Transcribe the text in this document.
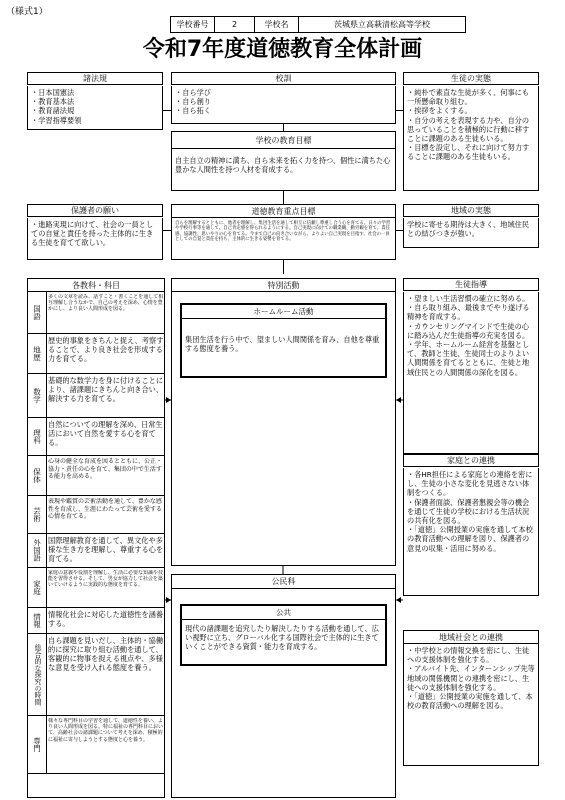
（様式1）
学校番号	2	学校名	茨城県立高萩清松高等学校
令和7年度道徳教育全体計画
諸法規
・日本国憲法
・教育基本法
・教育諸法規
・学習指導要領
校訓
・自ら学び
・自ら創り
・自ら拓く
生徒の実態
・純朴で素直な生徒が多く、何事にも一所懸命取り組む。
・挨拶をよくする。
・自分の考えを表現する力や、自分の思っていることを積極的に行動に移すことに課題のある生徒もいる。
・目標を設定し、それに向けて努力することに課題のある生徒もいる。
学校の教育目標
自主自立の精神に満ち、自ら未来を拓く力を持つ、個性に満ちた心豊かな人間性を持つ人材を育成する。
保護者の願い
・進路実現に向けて、社会の一員としての自覚と責任を持った主体的に生きる生徒を育てて欲しい。
道徳教育重点目標
自らを理解するとともに、他者を理解し、集団生活を通して相互に信頼し尊重し合う心を育てる。日々の学習や学校行事等を通して、自己肯定感を得られるようにする。自己実現に向けての職業観、勤労観を育て、責任感、協調性、思いやりの心を育てる。今まで自己の向き合いながら、よりよい自己実現を目指す。社会の一員としての自覚と責任を持ち、主体的に生きる姿勢を育てる。
地域の実態
学校に寄せる期待は大きく、地域住民との結びつきが強い。
各教科・科目
国語
多くの文章を読み、話すこと・書くことを通して相互理解し合うなかで、自己の考えを深め、心情を豊かにし、より良い人間形成を図る。
地歴
歴史的事象をきちんと捉え、考察することで、より良き社会を形成する力を育てる。
数学
基礎的な数学力を身に付けることにより、諸課題にきちんと向き合い、解決する力を育てる。
理科
自然についての理解を深め、日常生活において自然を愛する心を育てる。
保体
心身の健全な育成を図るとともに、公正・協力・責任の心を育て、集団の中で生活する能力を高める。
芸術
表現や鑑賞の芸術活動を通して、豊かな感性を育成し、生涯にわたって芸術を愛する心情を育てる。
外国語 国際理解教育を通して、異文化や多様な生き方を理解し、尊重する心を育てる。
家庭
家庭の意義や役割を理解し、生活に必要な知識や技能を習得させる。そして、男女が協力して社会を築いていけるように実践的な態度を育てる。
情報 情報化社会に対応した道徳性を涵養する。
総合的な探究の時間
自ら課題を見いだし、主体的・協働的に探究に取り組む活動を通して、客観的に物事を捉える視点や、多様な意見を受け入れる態度を養う。
専門
様々な専門科目の学習を通して、道徳性を養い、より良い人間形成を図る。特に福祉の専門科目において、高齢社会の諸課題について考えを深め、積極的に福祉に寄与しようとする態度と心を養う。
特別活動
ホームルーム活動
集団生活を行う中で、望ましい人間関係を育み、自他を尊重する態度を養う。
生徒指導
・望ましい生活習慣の確立に努める。
・自ら取り組み、最後までやり遂げる精神を育成する。
・カウンセリングマインドで生徒の心に踏み込んだ生徒指導の充実を図る。
・学年、ホームルーム経営を基盤として、教師と生徒、生徒同士のよりよい人間関係を育てるとともに、生徒と地域住民との人間関係の深化を図る。
家庭との連携
・各HR担任による家庭との連絡を密にし、生徒の小さな変化を見逃さない体制をつくる。
・保護者面談、保護者懇親会等の機会を通じて生徒の学校における生活状況の共有化を図る。
・「道徳」公開授業の実施を通して本校の教育活動への理解を図り、保護者の意見の収集・活用に努める。
公民科
公共
現代の諸課題を追究したり解決したりする活動を通して、広い視野に立ち、グローバル化する国際社会で主体的に生きていくことができる資質・能力を育成する。
地域社会との連携
・中学校との情報交換を密にし、生徒への支援体制を強化する。
・アルバイト先、インターンシップ先等地域の関係機関との連携を密にし、生徒への支援体制を強化する。
・「道徳」公開授業の実施を通して、本校の教育活動への理解を図る。
